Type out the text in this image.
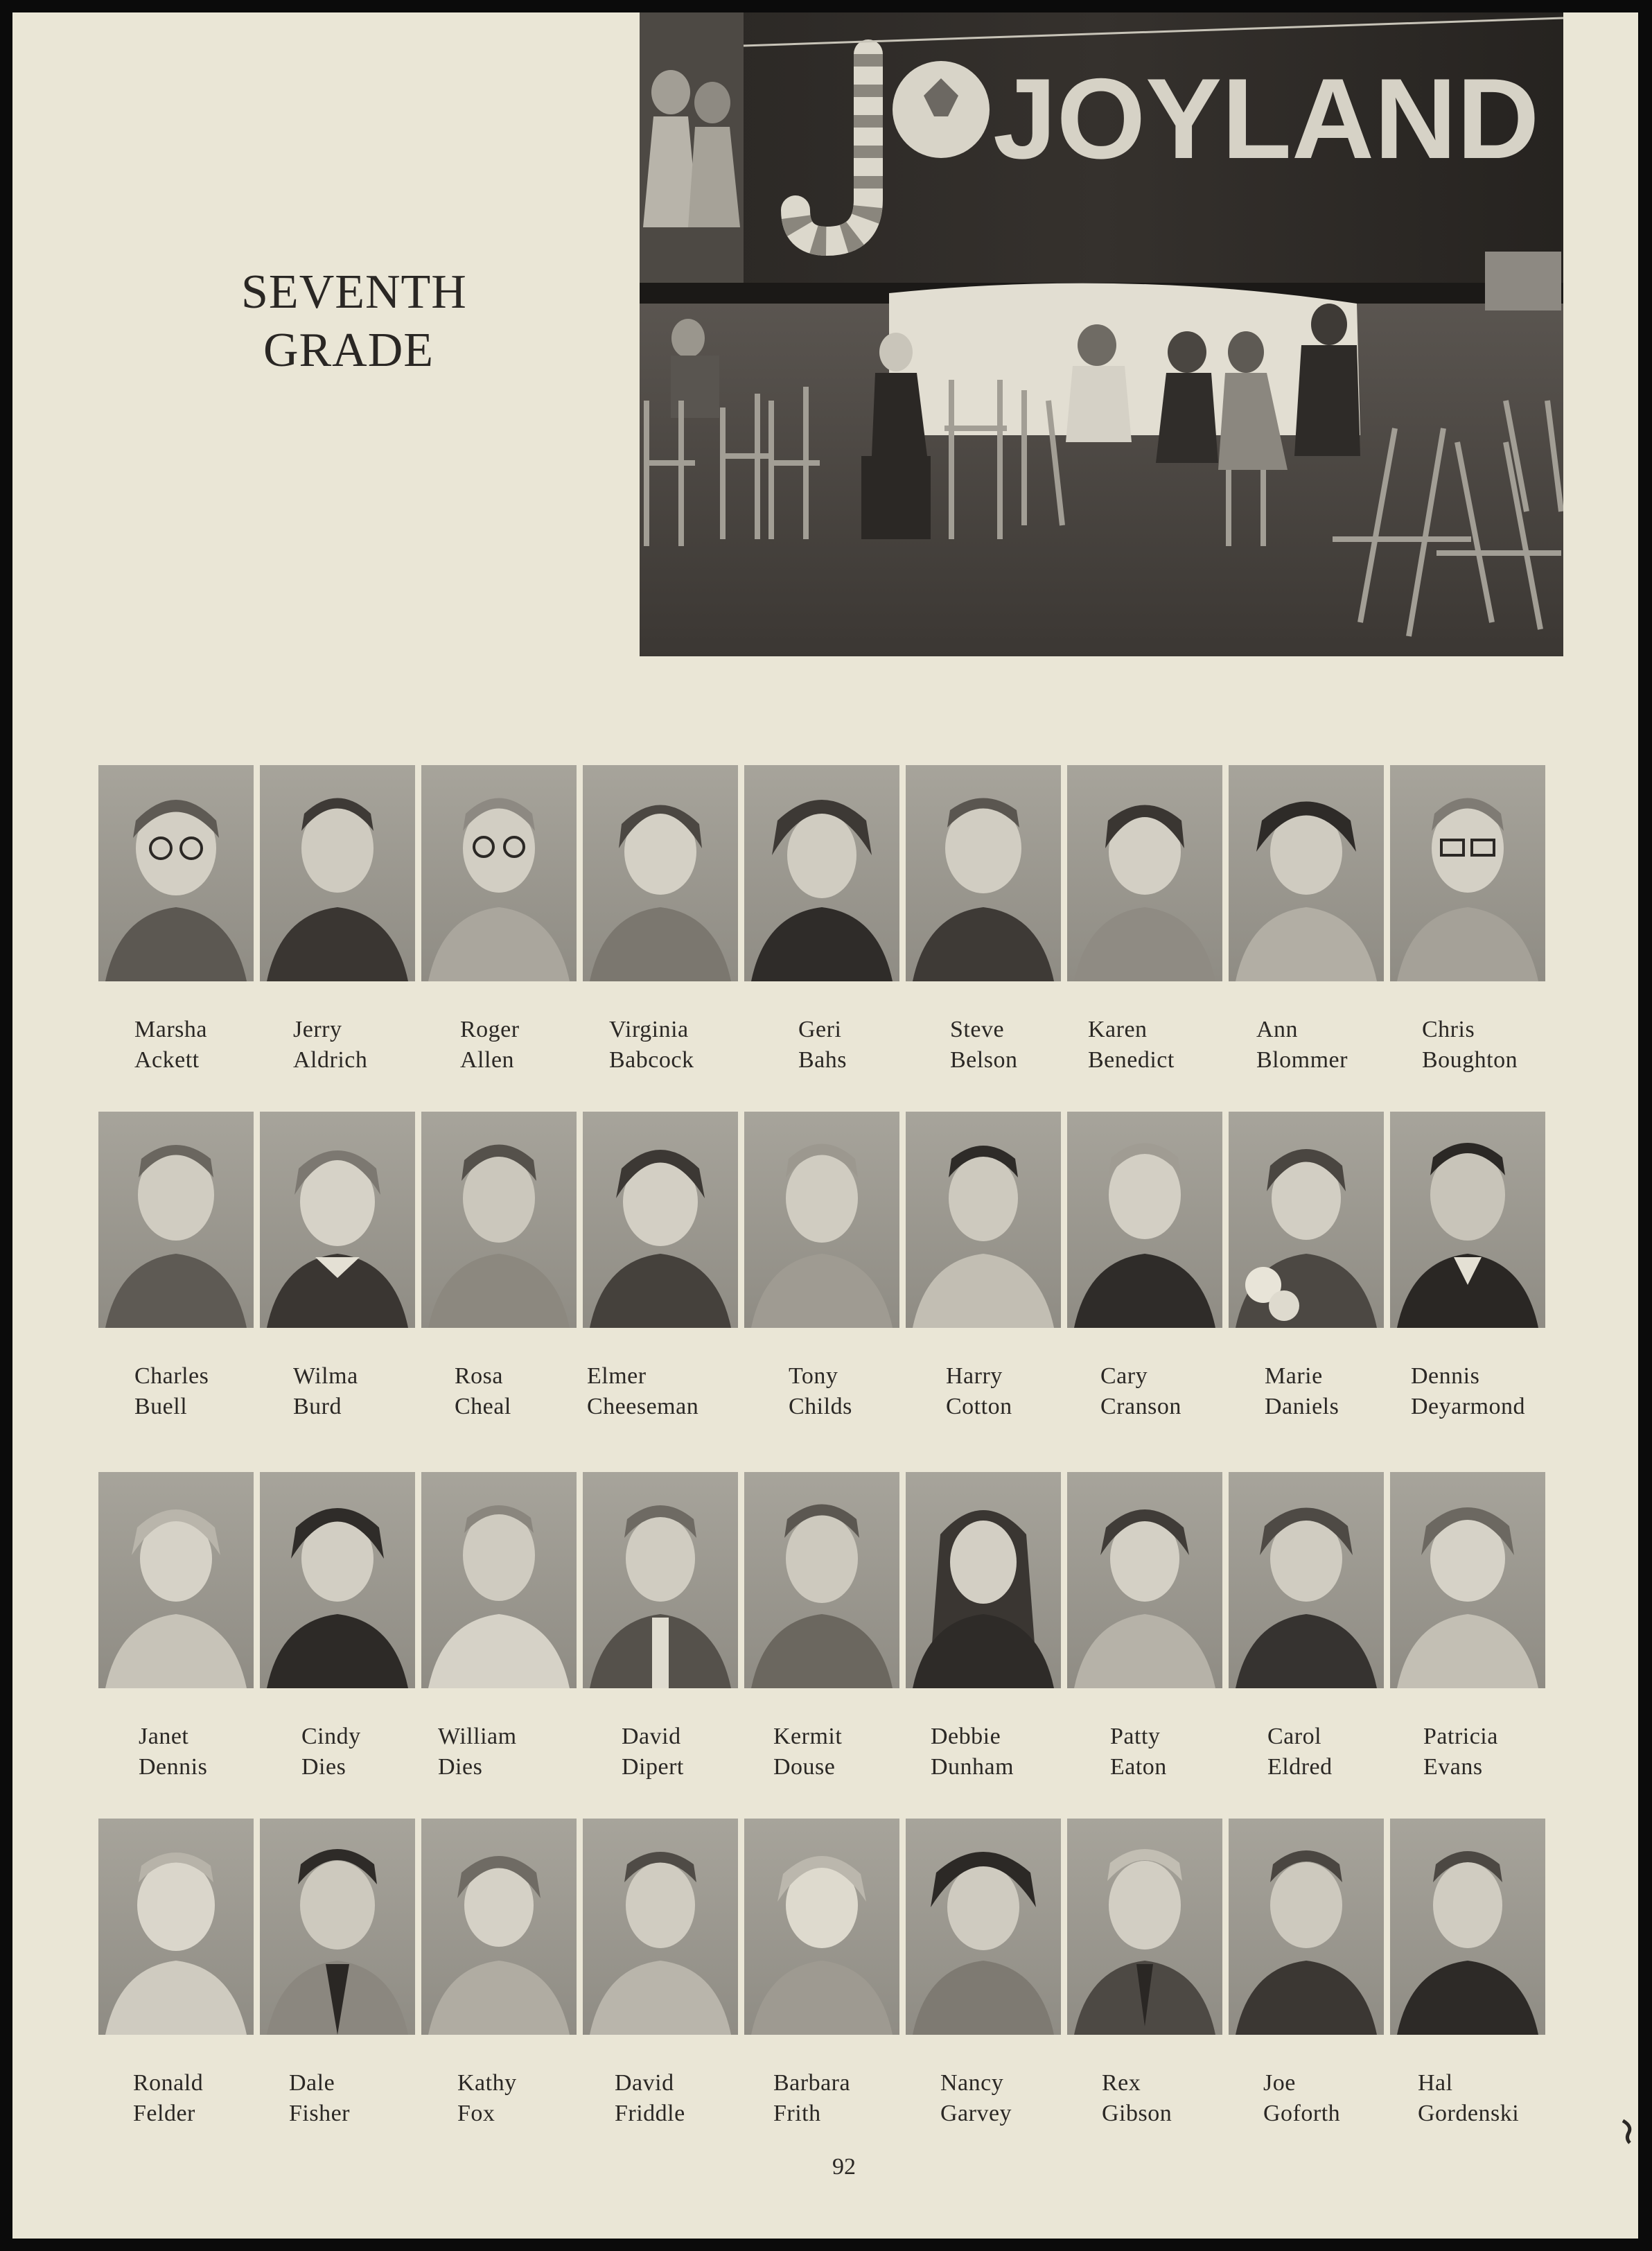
SEVENTH
GRADE
JOYLAND
Marsha
Ackett
Jerry
Aldrich
Roger
Allen
Virginia
Babcock
Geri
Bahs
Steve
Belson
Karen
Benedict
Ann
Blommer
Chris
Boughton
Charles
Buell
Wilma
Burd
Rosa
Cheal
Elmer
Cheeseman
Tony
Childs
Harry
Cotton
Cary
Cranson
Marie
Daniels
Dennis
Deyarmond
Janet
Dennis
Cindy
Dies
William
Dies
David
Dipert
Kermit
Douse
Debbie
Dunham
Patty
Eaton
Carol
Eldred
Patricia
Evans
Ronald
Felder
Dale
Fisher
Kathy
Fox
David
Friddle
Barbara
Frith
Nancy
Garvey
Rex
Gibson
Joe
Goforth
Hal
Gordenski
92
